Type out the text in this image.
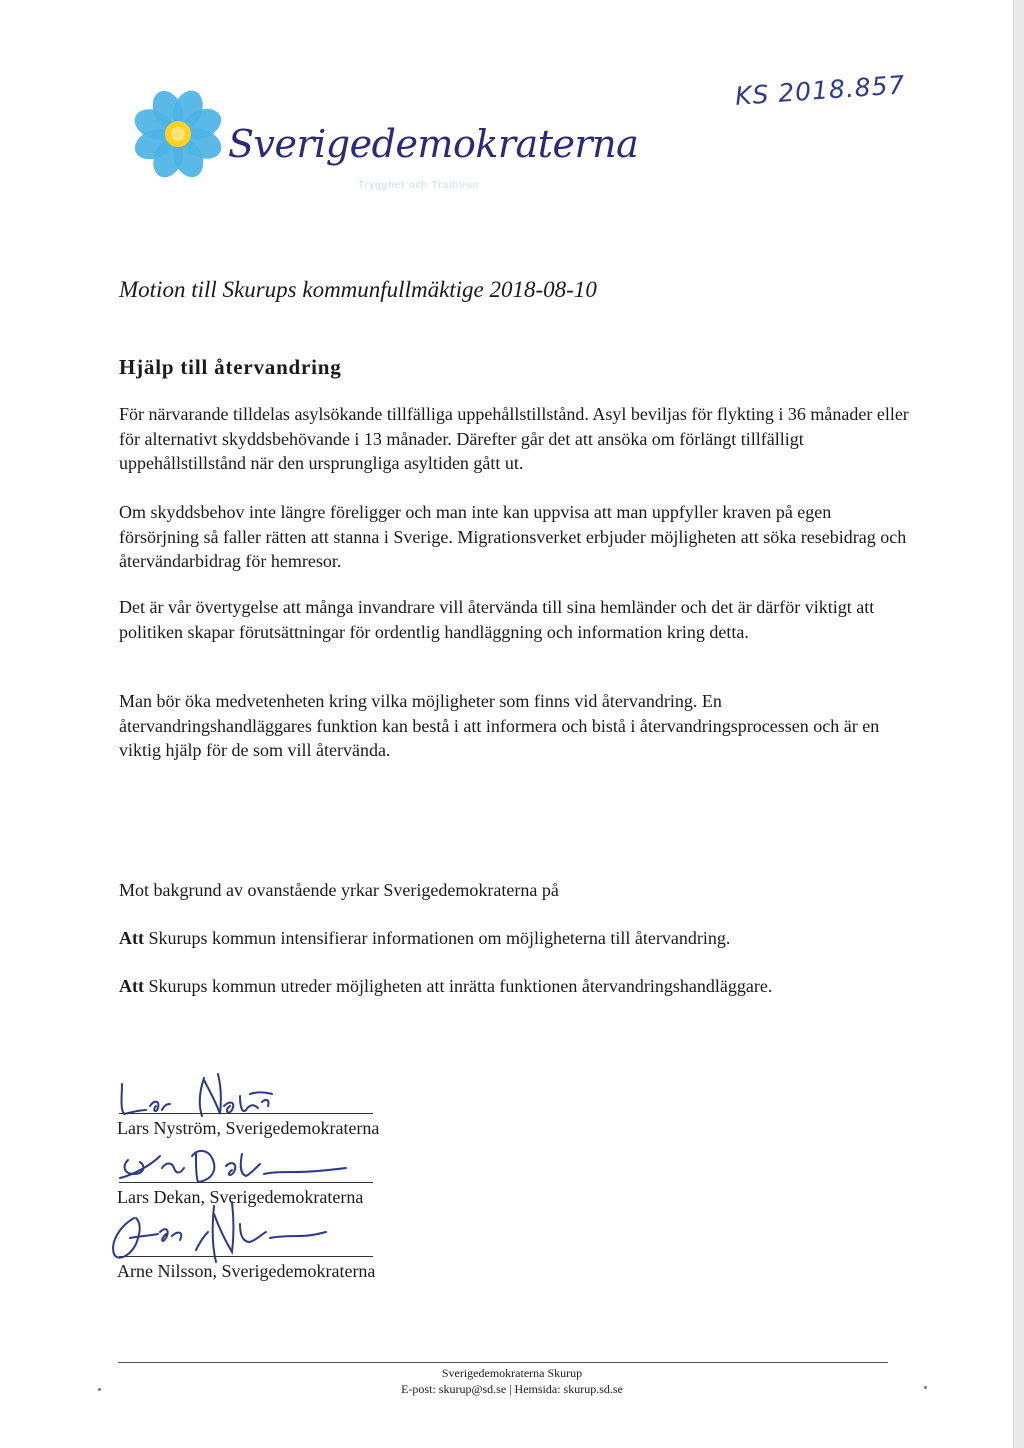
Sverigedemokraterna
Trygghet och Tradition
KS 2018.857
Motion till Skurups kommunfullmäktige 2018-08-10
Hjälp till återvandring

För närvarande tilldelas asylsökande tillfälliga uppehållstillstånd. Asyl beviljas för flykting i 36 månader eller för alternativt skyddsbehövande i 13 månader. Därefter går det att ansöka om förlängt tillfälligt uppehållstillstånd när den ursprungliga asyltiden gått ut.

Om skyddsbehov inte längre föreligger och man inte kan uppvisa att man uppfyller kraven på egen försörjning så faller rätten att stanna i Sverige. Migrationsverket erbjuder möjligheten att söka resebidrag och återvändarbidrag för hemresor.

Det är vår övertygelse att många invandrare vill återvända till sina hemländer och det är därför viktigt att politiken skapar förutsättningar för ordentlig handläggning och information kring detta.

Man bör öka medvetenheten kring vilka möjligheter som finns vid återvandring. En återvandringshandläggares funktion kan bestå i att informera och bistå i återvandringsprocessen och är en viktig hjälp för de som vill återvända.

Mot bakgrund av ovanstående yrkar Sverigedemokraterna på
Att Skurups kommun intensifierar informationen om möjligheterna till återvandring.
Att Skurups kommun utreder möjligheten att inrätta funktionen återvandringshandläggare.
Lars Nyström, Sverigedemokraterna
Lars Dekan, Sverigedemokraterna
Arne Nilsson, Sverigedemokraterna
Sverigedemokraterna Skurup
E-post: skurup@sd.se | Hemsida: skurup.sd.se
